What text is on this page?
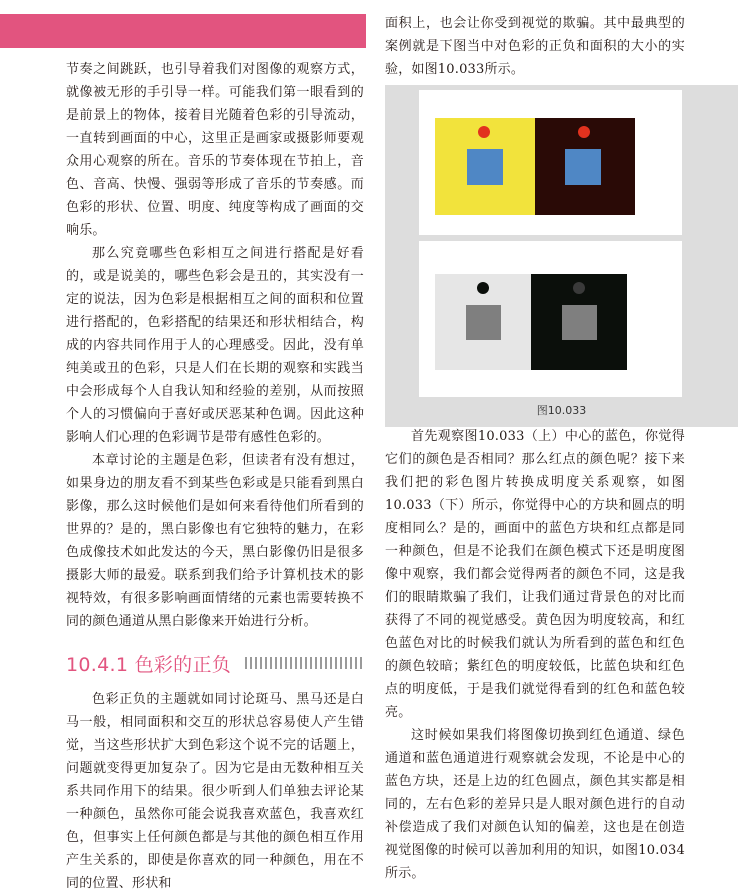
节奏之间跳跃，也引导着我们对图像的观察方式，就像被无形的手引导一样。可能我们第一眼看到的是前景上的物体，接着目光随着色彩的引导流动，一直转到画面的中心，这里正是画家或摄影师要观众用心观察的所在。音乐的节奏体现在节拍上，音色、音高、快慢、强弱等形成了音乐的节奏感。而色彩的形状、位置、明度、纯度等构成了画面的交响乐。

那么究竟哪些色彩相互之间进行搭配是好看的，或是说美的，哪些色彩会是丑的，其实没有一定的说法，因为色彩是根据相互之间的面积和位置进行搭配的，色彩搭配的结果还和形状相结合，构成的内容共同作用于人的心理感受。因此，没有单纯美或丑的色彩，只是人们在长期的观察和实践当中会形成每个人自我认知和经验的差别，从而按照个人的习惯偏向于喜好或厌恶某种色调。因此这种影响人们心理的色彩调节是带有感性色彩的。

本章讨论的主题是色彩，但读者有没有想过，如果身边的朋友看不到某些色彩或是只能看到黑白影像，那么这时候他们是如何来看待他们所看到的世界的？是的，黑白影像也有它独特的魅力，在彩色成像技术如此发达的今天，黑白影像仍旧是很多摄影大师的最爱。联系到我们给予计算机技术的影视特效，有很多影响画面情绪的元素也需要转换不同的颜色通道从黑白影像来开始进行分析。

10.4.1 色彩的正负

色彩正负的主题就如同讨论斑马、黑马还是白马一般，相同面积和交互的形状总容易使人产生错觉，当这些形状扩大到色彩这个说不完的话题上，问题就变得更加复杂了。因为它是由无数种相互关系共同作用下的结果。很少听到人们单独去评论某一种颜色，虽然你可能会说我喜欢蓝色，我喜欢红色，但事实上任何颜色都是与其他的颜色相互作用产生关系的，即使是你喜欢的同一种颜色，用在不同的位置、形状和

面积上，也会让你受到视觉的欺骗。其中最典型的案例就是下图当中对色彩的正负和面积的大小的实验，如图10.033所示。

图10.033

首先观察图10.033（上）中心的蓝色，你觉得它们的颜色是否相同？那么红点的颜色呢？接下来我们把的彩色图片转换成明度关系观察，如图10.033（下）所示，你觉得中心的方块和圆点的明度相同么？是的，画面中的蓝色方块和红点都是同一种颜色，但是不论我们在颜色模式下还是明度图像中观察，我们都会觉得两者的颜色不同，这是我们的眼睛欺骗了我们，让我们通过背景色的对比而获得了不同的视觉感受。黄色因为明度较高，和红色蓝色对比的时候我们就认为所看到的蓝色和红色的颜色较暗；紫红色的明度较低，比蓝色块和红色点的明度低，于是我们就觉得看到的红色和蓝色较亮。

这时候如果我们将图像切换到红色通道、绿色通道和蓝色通道进行观察就会发现，不论是中心的蓝色方块，还是上边的红色圆点，颜色其实都是相同的，左右色彩的差异只是人眼对颜色进行的自动补偿造成了我们对颜色认知的偏差，这也是在创造视觉图像的时候可以善加利用的知识，如图10.034所示。
